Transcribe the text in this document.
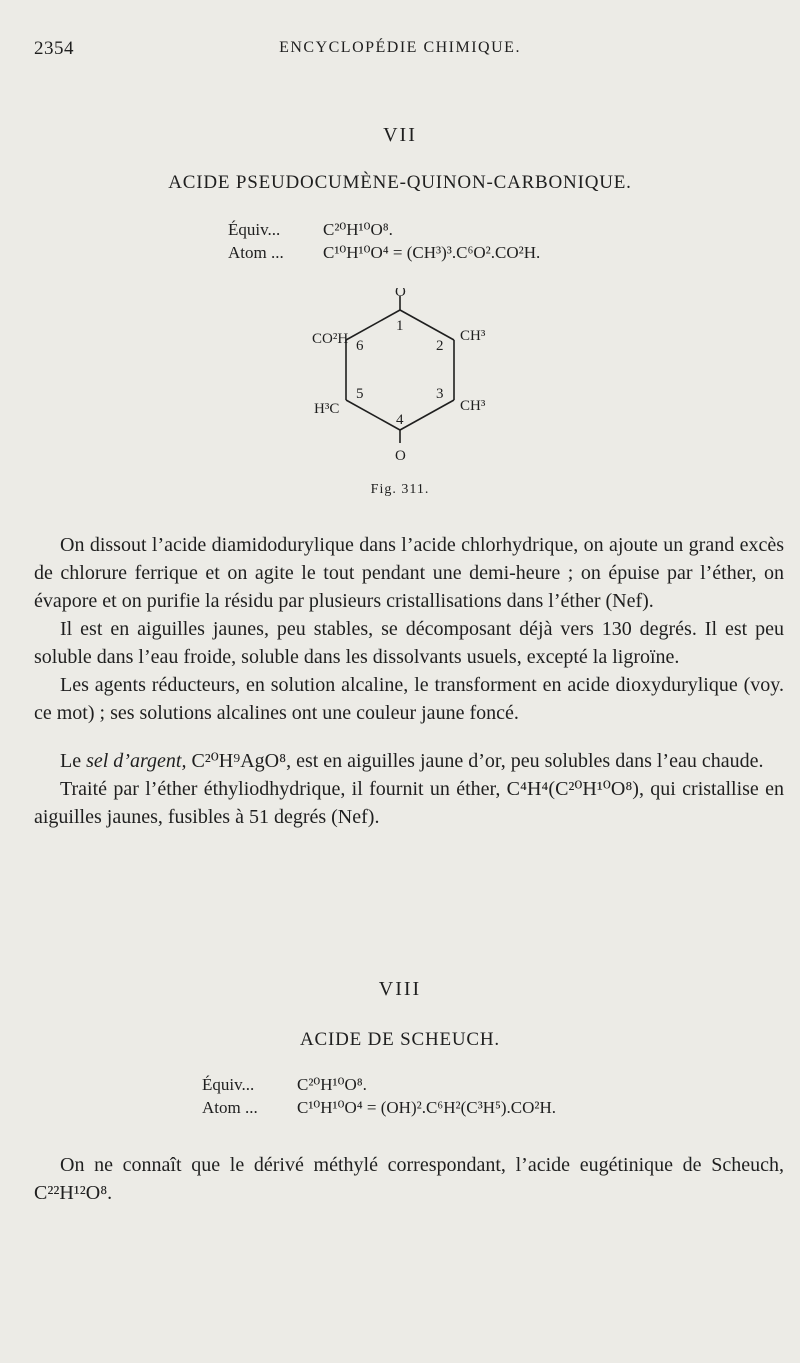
2354	ENCYCLOPÉDIE CHIMIQUE.
VII
ACIDE PSEUDOCUMÈNE-QUINON-CARBONIQUE.
Équiv...	C²⁰H¹⁰O⁸.
Atom ... C¹⁰H¹⁰O⁴ = (CH³)³.C⁶O².CO²H.
O
O
CO²H	CH³
H³C	CH³
1
2
3
4
5
6
Fig. 311.

On dissout l’acide diamidodurylique dans l’acide chlorhydrique, on ajoute un grand excès de chlorure ferrique et on agite le tout pendant une demi-heure ; on épuise par l’éther, on évapore et on purifie la résidu par plusieurs cristallisations dans l’éther (Nef).

Il est en aiguilles jaunes, peu stables, se décomposant déjà vers 130 degrés. Il est peu soluble dans l’eau froide, soluble dans les dissolvants usuels, excepté la ligroïne.

Les agents réducteurs, en solution alcaline, le transforment en acide dioxydurylique (voy. ce mot) ; ses solutions alcalines ont une couleur jaune foncé.

Le sel d’argent, C²⁰H⁹AgO⁸, est en aiguilles jaune d’or, peu solubles dans l’eau chaude.

Traité par l’éther éthyliodhydrique, il fournit un éther, C⁴H⁴(C²⁰H¹⁰O⁸), qui cristallise en aiguilles jaunes, fusibles à 51 degrés (Nef).

VIII
ACIDE DE SCHEUCH.
Équiv...	C²⁰H¹⁰O⁸.
Atom ... C¹⁰H¹⁰O⁴ = (OH)².C⁶H²(C³H⁵).CO²H.

On ne connaît que le dérivé méthylé correspondant, l’acide eugétinique de Scheuch, C²²H¹²O⁸.
